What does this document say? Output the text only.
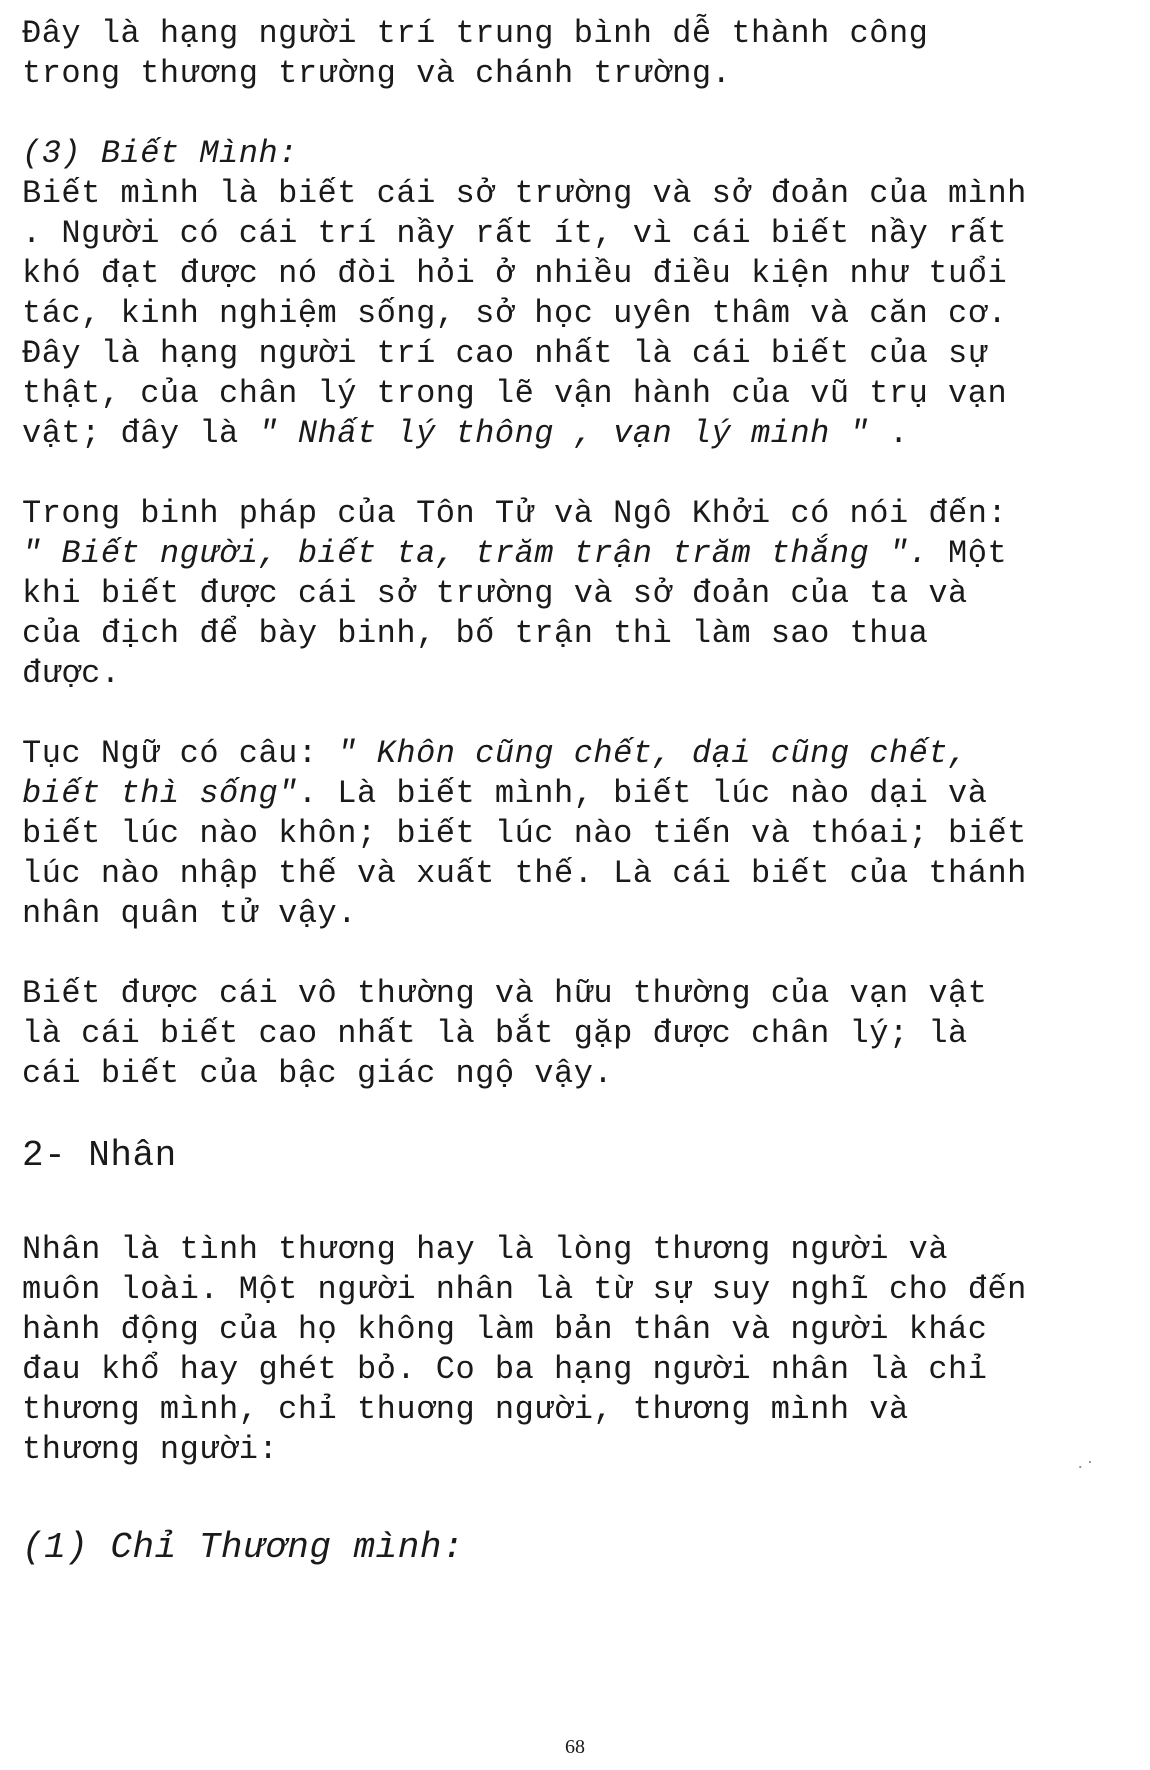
Đây là hạng người trí trung bình dễ thành công
trong thương trường và chánh trường.
(3) Biết Mình:
Biết mình là biết cái sở trường và sở đoản của mình
. Người có cái trí nầy rất ít, vì cái biết nầy rất
khó đạt được nó đòi hỏi ở nhiều điều kiện như tuổi
tác, kinh nghiệm sống, sở học uyên thâm và căn cơ.
Đây là hạng người trí cao nhất là cái biết của sự
thật, của chân lý trong lẽ vận hành của vũ trụ vạn
vật; đây là " Nhất lý thông , vạn lý minh " .
Trong binh pháp của Tôn Tử và Ngô Khởi có nói đến:
" Biết người, biết ta, trăm trận trăm thắng ". Một
khi biết được cái sở trường và sở đoản của ta và
của địch để bày binh, bố trận thì làm sao thua
được.
Tục Ngữ có câu: " Khôn cũng chết, dại cũng chết,
biết thì sống". Là biết mình, biết lúc nào dại và
biết lúc nào khôn; biết lúc nào tiến và thóai; biết
lúc nào nhập thế và xuất thế. Là cái biết của thánh
nhân quân tử vậy.
Biết được cái vô thường và hữu thường của vạn vật
là cái biết cao nhất là bắt gặp được chân lý; là
cái biết của bậc giác ngộ vậy.
2- Nhân
Nhân là tình thương hay là lòng thương người và
muôn loài. Một người nhân là từ sự suy nghĩ cho đến
hành động của họ không làm bản thân và người khác
đau khổ hay ghét bỏ. Co ba hạng người nhân là chỉ
thương mình, chỉ thuơng người, thương mình và
thương người:
(1) Chỉ Thương mình:
. ·
68
